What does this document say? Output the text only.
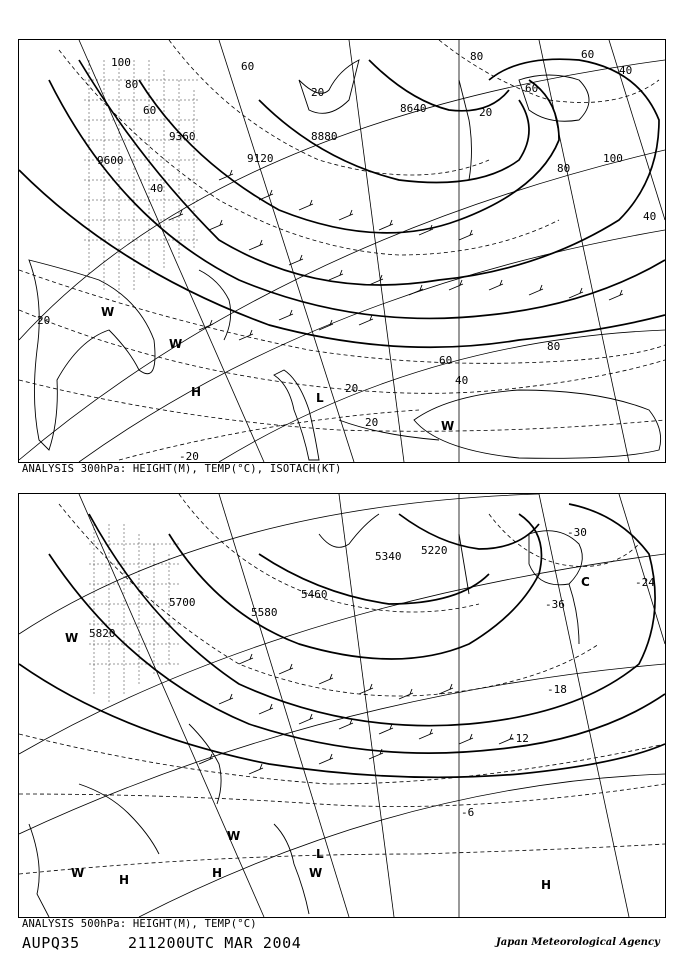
9600
9360
9120
8880
8640
100
80
60
40
20
20
20
20
60
80	60
40
100
80
60
40
20
40
60
80
-20
W
W
H	L
W
ANALYSIS 300hPa: HEIGHT(M), TEMP(°C), ISOTACH(KT)
5820
5700
5580
5460
5340 5220
-30
-36
-24
-18
-12
-6
W
W	H
W
H
L
W
H
C
ANALYSIS 500hPa: HEIGHT(M), TEMP(°C)
AUPQ35	211200UTC MAR 2004	Japan Meteorological Agency
